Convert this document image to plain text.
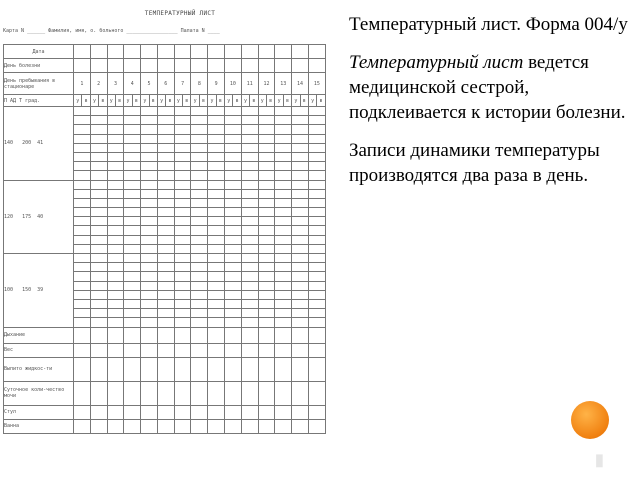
ТЕМПЕРАТУРНЫЙ ЛИСТ
Карта N ______ Фамилия, имя, о. больного _________________ Палата N ____
Дата																														
День болезни																														
День пребывания в стационаре	1		2		3		4		5		6		7		8		9		10		11		12		13		14		15	
П АД Т град.	у	в	у	в	у	в	у	в	у	в	у	в	у	в	у	в	у	в	у	в	у	в	у	в	у	в	у	в	у	в
140 200 41																														

120 175 40																														

100 150 39																														

Дыхание																														
Вес																														
Выпито жидкос-ти																														
Суточное коли-чество мочи																														
Стул																														
Ванна																														

Температурный лист. Форма 004/у

Температурный лист ведется медицинской сестрой, подклеивается к истории болезни.

Записи динамики температуры производятся два раза в день.

▮
